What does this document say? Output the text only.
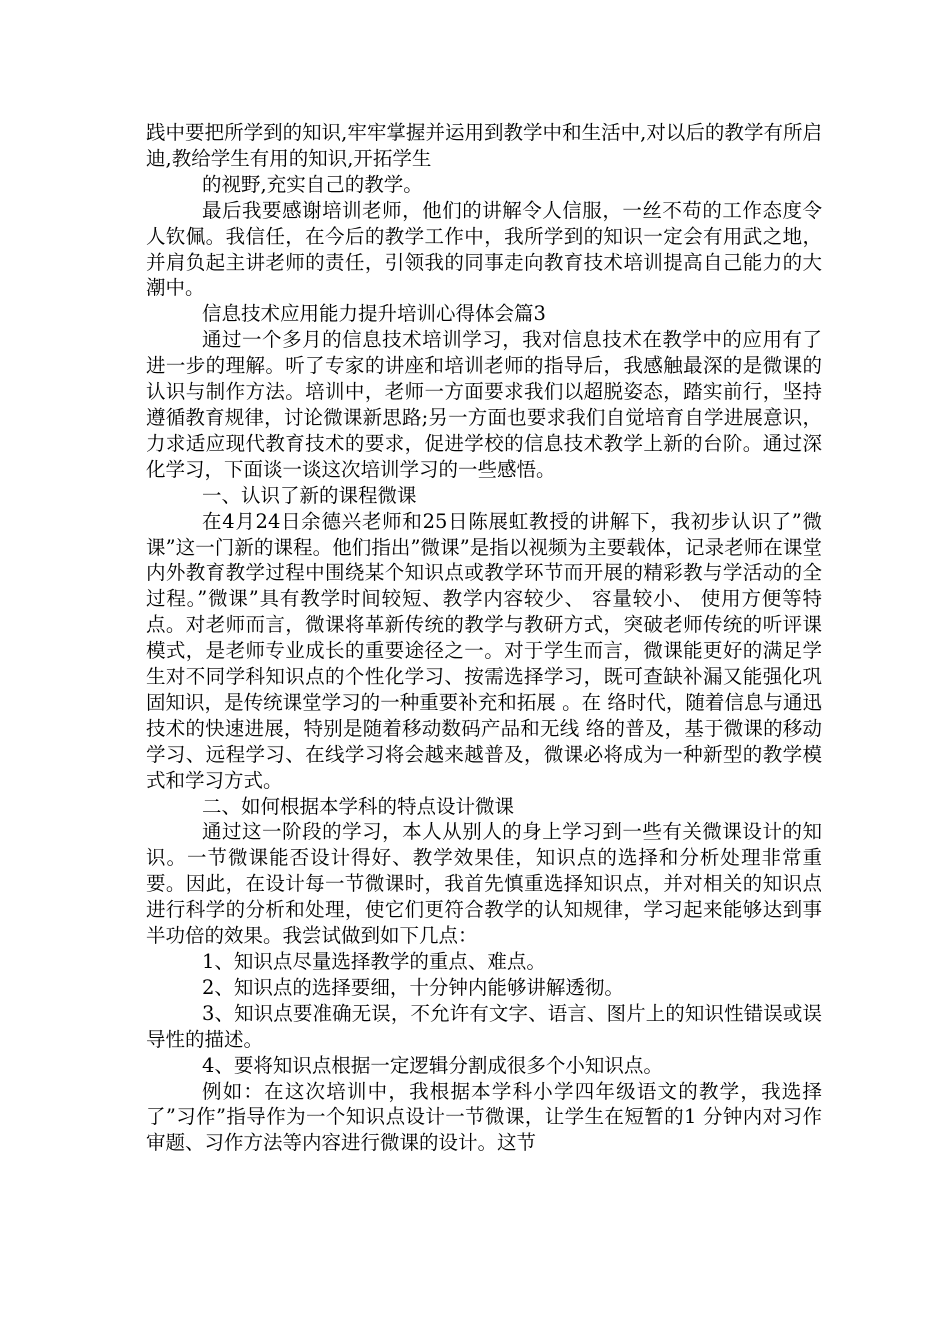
践中要把所学到的知识,牢牢掌握并运用到教学中和生活中,对以后的教学有所启迪,教给学生有用的知识,开拓学生

的视野,充实自己的教学。

最后我要感谢培训老师，他们的讲解令人信服，一丝不苟的工作态度令人钦佩。我信任，在今后的教学工作中，我所学到的知识一定会有用武之地，并肩负起主讲老师的责任，引领我的同事走向教育技术培训提高自己能力的大潮中。

信息技术应用能力提升培训心得体会篇3

通过一个多月的信息技术培训学习，我对信息技术在教学中的应用有了进一步的理解。听了专家的讲座和培训老师的指导后，我感触最深的是微课的认识与制作方法。培训中，老师一方面要求我们以超脱姿态，踏实前行，坚持遵循教育规律，讨论微课新思路;另一方面也要求我们自觉培育自学进展意识，力求适应现代教育技术的要求，促进学校的信息技术教学上新的台阶。通过深化学习，下面谈一谈这次培训学习的一些感悟。

一、认识了新的课程微课

在4月24日余德兴老师和25日陈展虹教授的讲解下，我初步认识了”微课”这一门新的课程。他们指出”微课”是指以视频为主要载体，记录老师在课堂内外教育教学过程中围绕某个知识点或教学环节而开展的精彩教与学活动的全过程。”微课”具有教学时间较短、教学内容较少、 容量较小、 使用方便等特点。对老师而言，微课将革新传统的教学与教研方式，突破老师传统的听评课模式，是老师专业成长的重要途径之一。对于学生而言，微课能更好的满足学生对不同学科知识点的个性化学习、按需选择学习，既可查缺补漏又能强化巩固知识，是传统课堂学习的一种重要补充和拓展 。在 络时代，随着信息与通迅技术的快速进展，特别是随着移动数码产品和无线 络的普及，基于微课的移动学习、远程学习、在线学习将会越来越普及，微课必将成为一种新型的教学模式和学习方式。

二、如何根据本学科的特点设计微课

通过这一阶段的学习，本人从别人的身上学习到一些有关微课设计的知识。一节微课能否设计得好、教学效果佳，知识点的选择和分析处理非常重要。因此，在设计每一节微课时，我首先慎重选择知识点，并对相关的知识点进行科学的分析和处理，使它们更符合教学的认知规律，学习起来能够达到事半功倍的效果。我尝试做到如下几点：

1、知识点尽量选择教学的重点、难点。

2、知识点的选择要细，十分钟内能够讲解透彻。

3、知识点要准确无误，不允许有文字、语言、图片上的知识性错误或误导性的描述。

4、要将知识点根据一定逻辑分割成很多个小知识点。

例如：在这次培训中，我根据本学科小学四年级语文的教学，我选择了”习作”指导作为一个知识点设计一节微课，让学生在短暂的1 分钟内对习作审题、习作方法等内容进行微课的设计。这节
